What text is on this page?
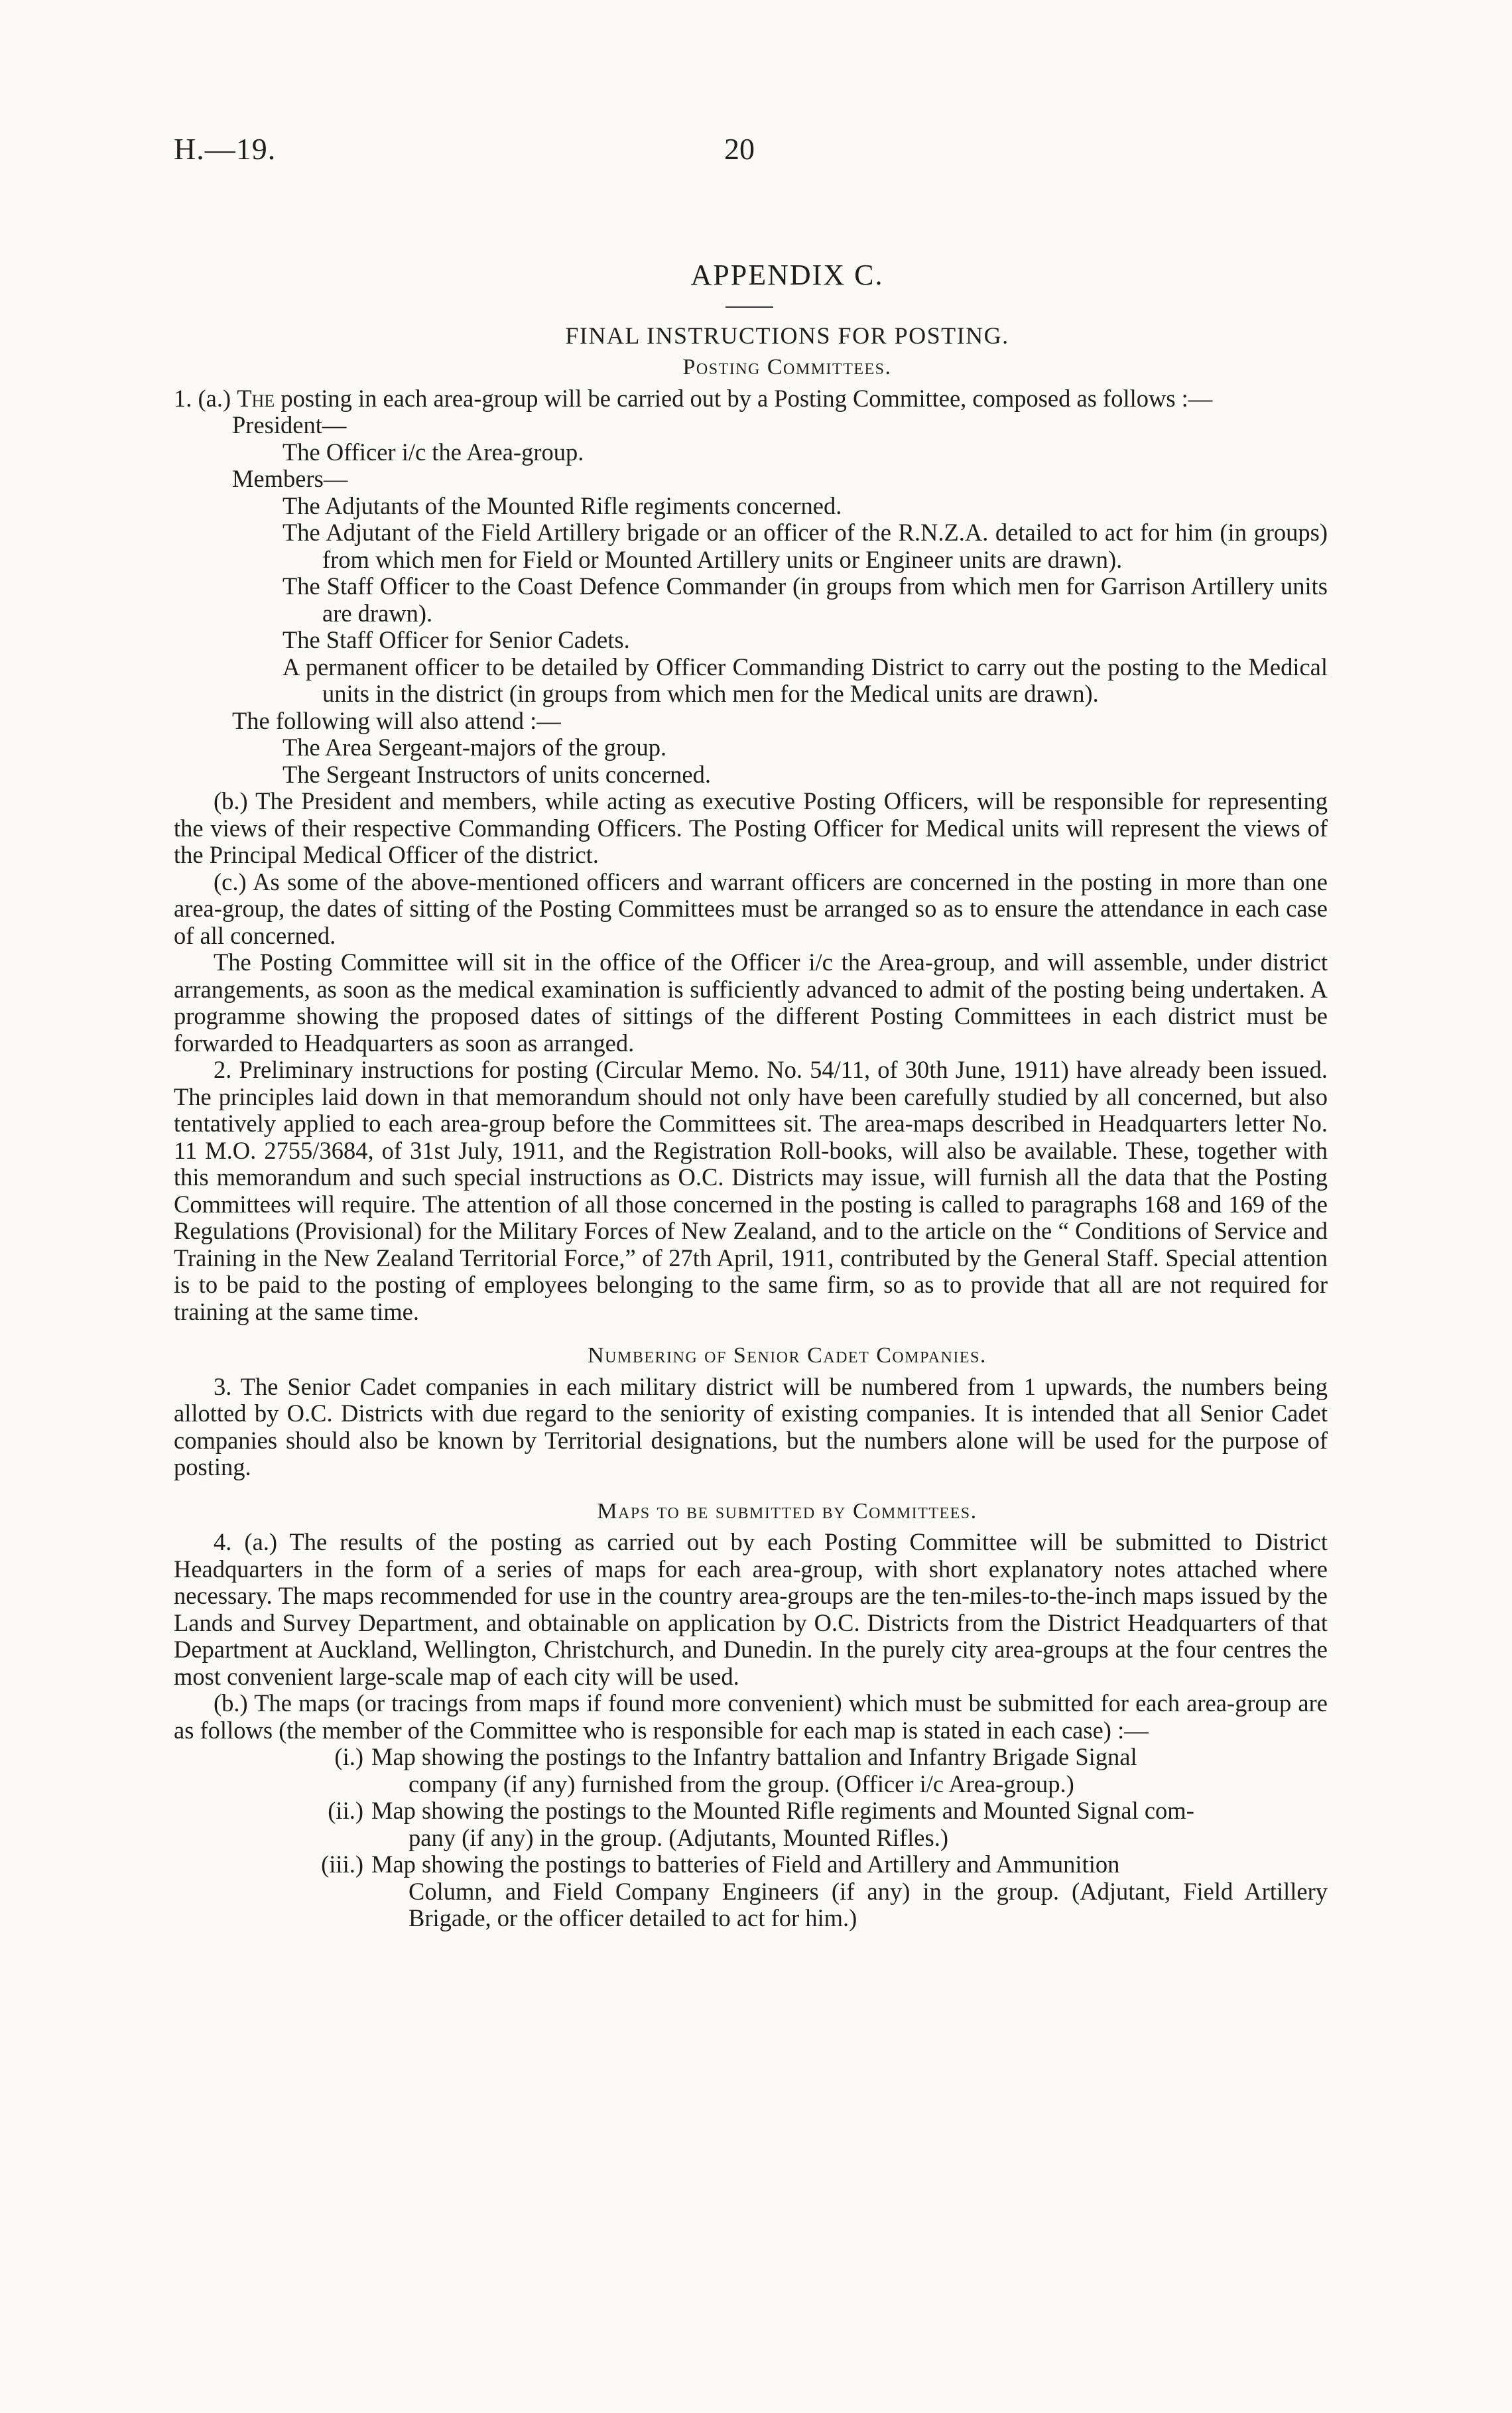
H.—19.	20
APPENDIX C.
FINAL INSTRUCTIONS FOR POSTING.
Posting Committees.

1. (a.) The posting in each area-group will be carried out by a Posting Committee, composed as follows :—

President—

The Officer i/c the Area-group.

Members—

The Adjutants of the Mounted Rifle regiments concerned.

The Adjutant of the Field Artillery brigade or an officer of the R.N.Z.A. detailed to act for him (in groups) from which men for Field or Mounted Artillery units or Engineer units are drawn).

The Staff Officer to the Coast Defence Commander (in groups from which men for Garrison Artillery units are drawn).

The Staff Officer for Senior Cadets.

A permanent officer to be detailed by Officer Commanding District to carry out the posting to the Medical units in the district (in groups from which men for the Medical units are drawn).

The following will also attend :—

The Area Sergeant-majors of the group.

The Sergeant Instructors of units concerned.

(b.) The President and members, while acting as executive Posting Officers, will be responsible for representing the views of their respective Commanding Officers. The Posting Officer for Medical units will represent the views of the Principal Medical Officer of the district.

(c.) As some of the above-mentioned officers and warrant officers are concerned in the posting in more than one area-group, the dates of sitting of the Posting Committees must be arranged so as to ensure the attendance in each case of all concerned.

The Posting Committee will sit in the office of the Officer i/c the Area-group, and will assemble, under district arrangements, as soon as the medical examination is sufficiently advanced to admit of the posting being undertaken. A programme showing the proposed dates of sittings of the different Posting Committees in each district must be forwarded to Headquarters as soon as arranged.

2. Preliminary instructions for posting (Circular Memo. No. 54/11, of 30th June, 1911) have already been issued. The principles laid down in that memorandum should not only have been carefully studied by all concerned, but also tentatively applied to each area-group before the Committees sit. The area-maps described in Headquarters letter No. 11 M.O. 2755/3684, of 31st July, 1911, and the Registration Roll-books, will also be available. These, together with this memorandum and such special instructions as O.C. Districts may issue, will furnish all the data that the Posting Committees will require. The attention of all those concerned in the posting is called to paragraphs 168 and 169 of the Regulations (Provisional) for the Military Forces of New Zealand, and to the article on the “ Conditions of Service and Training in the New Zealand Territorial Force,” of 27th April, 1911, contributed by the General Staff. Special attention is to be paid to the posting of employees belonging to the same firm, so as to provide that all are not required for training at the same time.

Numbering of Senior Cadet Companies.

3. The Senior Cadet companies in each military district will be numbered from 1 upwards, the numbers being allotted by O.C. Districts with due regard to the seniority of existing companies. It is intended that all Senior Cadet companies should also be known by Territorial designations, but the numbers alone will be used for the purpose of posting.

Maps to be submitted by Committees.

4. (a.) The results of the posting as carried out by each Posting Committee will be submitted to District Headquarters in the form of a series of maps for each area-group, with short explanatory notes attached where necessary. The maps recommended for use in the country area-groups are the ten-miles-to-the-inch maps issued by the Lands and Survey Department, and obtainable on application by O.C. Districts from the District Headquarters of that Department at Auckland, Wellington, Christchurch, and Dunedin. In the purely city area-groups at the four centres the most convenient large-scale map of each city will be used.

(b.) The maps (or tracings from maps if found more convenient) which must be submitted for each area-group are as follows (the member of the Committee who is responsible for each map is stated in each case) :—

(i.) Map showing the postings to the Infantry battalion and Infantry Brigade Signal
company (if any) furnished from the group. (Officer i/c Area-group.)
(ii.) Map showing the postings to the Mounted Rifle regiments and Mounted Signal com-
pany (if any) in the group. (Adjutants, Mounted Rifles.)
(iii.) Map showing the postings to batteries of Field and Artillery and Ammunition
Column, and Field Company Engineers (if any) in the group. (Adjutant, Field Artillery Brigade, or the officer detailed to act for him.)
